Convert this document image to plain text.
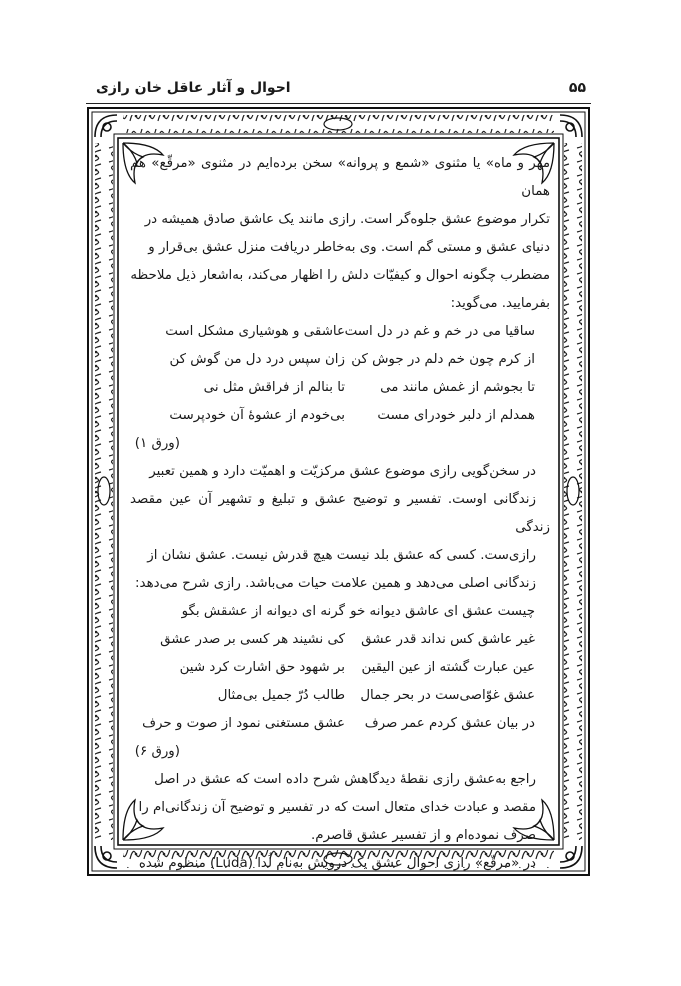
۵۵
احوال و آثار عاقل خان رازی

مهر و ماه» یا مثنوی «شمع و پروانه» سخن برده‌ایم در مثنوی «مرقّع» هم همان
تکرار موضوع عشق جلوه‌گر است. رازی مانند یک عاشق صادق همیشه در
دنیای عشق و مستی گم است. وی به‌خاطر دریافت منزل عشق بی‌قرار و
مضطرب چگونه احوال و کیفیّات دلش را اظهار می‌کند، به‌اشعار ذیل ملاحظه
بفرمایید. می‌گوید:

ساقیا می در خم و غم در دل است
عاشقی و هوشیاری مشکل است
از کرم چون خم دلم در جوش کن
زان سپس درد دل من گوش کن
تا بجوشم از غمش مانند می
تا بنالم از فراقش مثل نی
همدلم از دلبر خودرای مست
بی‌خودم از عشوهٔ آن خودپرست

(ورق ۱)

در سخن‌گویی رازی موضوع عشق مرکزیّت و اهمیّت دارد و همین تعبیر
زندگانی اوست. تفسیر و توضیح عشق و تبلیغ و تشهیر آن عین مقصد زندگی
رازی‌ست. کسی که عشق بلد نیست هیچ قدرش نیست. عشق نشان از
زندگانی اصلی می‌دهد و همین علامت حیات می‌باشد. رازی شرح می‌دهد:

چیست عشق ای عاشق دیوانه خو
گرنه ای دیوانه از عشقش بگو
غیر عاشق کس نداند قدر عشق
کی نشیند هر کسی بر صدر عشق
عین عبارت گشته از عین الیقین
بر شهود حق اشارت کرد شین
عشق غوّاصی‌ست در بحر جمال
طالب دُرّ جمیل بی‌مثال
در بیان عشق کردم عمر صرف
عشق مستغنی نمود از صوت و حرف

(ورق ۶)

راجع به‌عشق رازی نقطهٔ دیدگاهش شرح داده است که عشق در اصل
مقصد و عبادت خدای متعال است که در تفسیر و توضیح آن زندگانی‌ام را
صرف نموده‌ام و از تفسیر عشق قاصرم.

در «مرقّع» رازی احوال عشق یک درویش به‌نام لُدا (Luda) منظوم شده
